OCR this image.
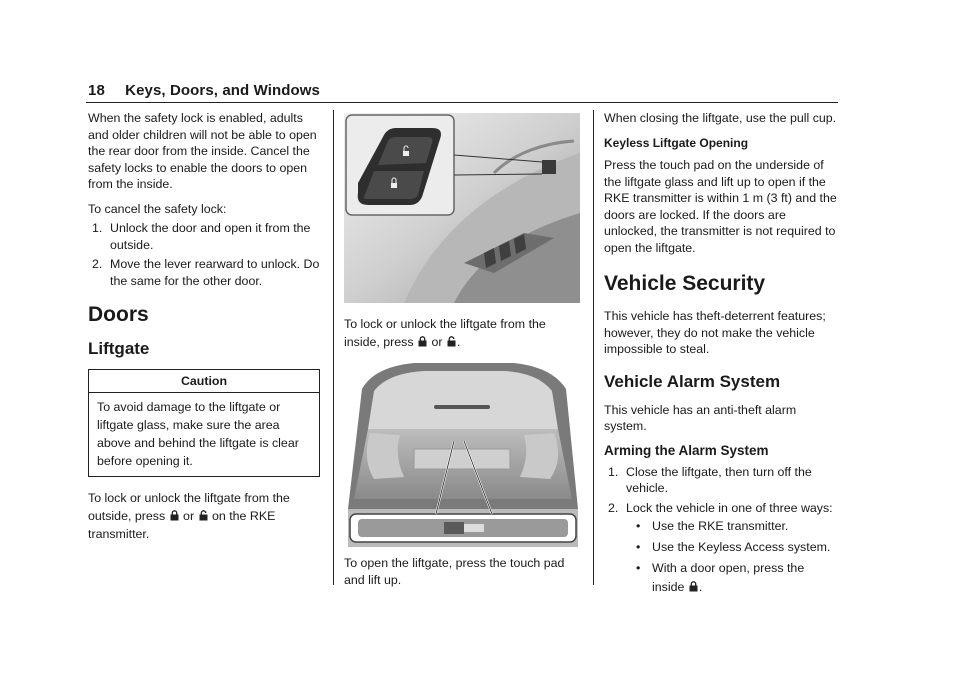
18 Keys, Doors, and Windows

When the safety lock is enabled, adults and older children will not be able to open the rear door from the inside. Cancel the safety locks to enable the doors to open from the inside.

To cancel the safety lock:

1. Unlock the door and open it from the outside.
2. Move the lever rearward to unlock. Do the same for the other door.
Doors
Liftgate
Caution
To avoid damage to the liftgate or liftgate glass, make sure the area above and behind the liftgate is clear before opening it.

To lock or unlock the liftgate from the outside, press or on the RKE transmitter.

To lock or unlock the liftgate from the inside, press or .

To open the liftgate, press the touch pad and lift up.

When closing the liftgate, use the pull cup.

Keyless Liftgate Opening

Press the touch pad on the underside of the liftgate glass and lift up to open if the RKE transmitter is within 1 m (3 ft) and the doors are locked. If the doors are unlocked, the transmitter is not required to open the liftgate.

Vehicle Security

This vehicle has theft-deterrent features; however, they do not make the vehicle impossible to steal.

Vehicle Alarm System

This vehicle has an anti-theft alarm system.

Arming the Alarm System
1. Close the liftgate, then turn off the vehicle.
2. Lock the vehicle in one of three ways:
• Use the RKE transmitter.
• Use the Keyless Access system.
• With a door open, press the inside .
